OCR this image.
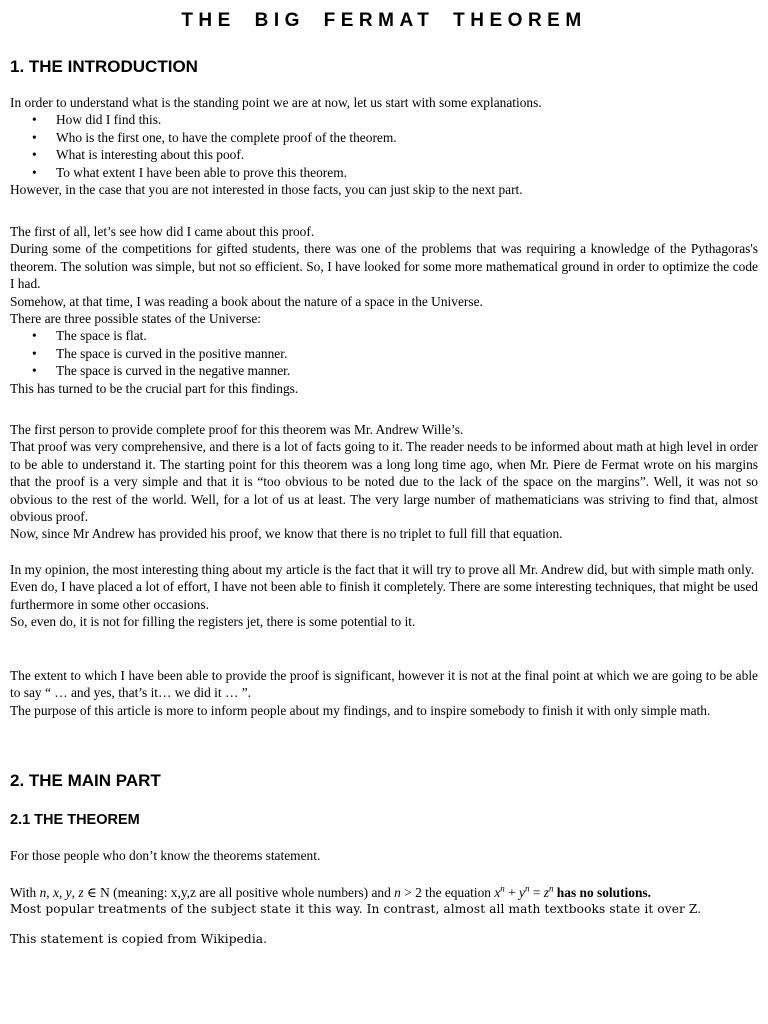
THE BIG FERMAT THEOREM
1. THE INTRODUCTION

In order to understand what is the standing point we are at now, let us start with some explanations.

• How did I find this.
• Who is the first one, to have the complete proof of the theorem.
• What is interesting about this poof.
• To what extent I have been able to prove this theorem.

However, in the case that you are not interested in those facts, you can just skip to the next part.

The first of all, let’s see how did I came about this proof.

During some of the competitions for gifted students, there was one of the problems that was requiring a knowledge of the Pythagoras's theorem. The solution was simple, but not so efficient. So, I have looked for some more mathematical ground in order to optimize the code I had.

Somehow, at that time, I was reading a book about the nature of a space in the Universe.

There are three possible states of the Universe:

• The space is flat.
• The space is curved in the positive manner.
• The space is curved in the negative manner.

This has turned to be the crucial part for this findings.

The first person to provide complete proof for this theorem was Mr. Andrew Wille’s.

That proof was very comprehensive, and there is a lot of facts going to it. The reader needs to be informed about math at high level in order to be able to understand it. The starting point for this theorem was a long long time ago, when Mr. Piere de Fermat wrote on his margins that the proof is a very simple and that it is “too obvious to be noted due to the lack of the space on the margins”. Well, it was not so obvious to the rest of the world. Well, for a lot of us at least. The very large number of mathematicians was striving to find that, almost obvious proof.

Now, since Mr Andrew has provided his proof, we know that there is no triplet to full fill that equation.

In my opinion, the most interesting thing about my article is the fact that it will try to prove all Mr. Andrew did, but with simple math only.

Even do, I have placed a lot of effort, I have not been able to finish it completely. There are some interesting techniques, that might be used furthermore in some other occasions.

So, even do, it is not for filling the registers jet, there is some potential to it.

The extent to which I have been able to provide the proof is significant, however it is not at the final point at which we are going to be able to say “ … and yes, that’s it… we did it … ”.

The purpose of this article is more to inform people about my findings, and to inspire somebody to finish it with only simple math.

2. THE MAIN PART
2.1 THE THEOREM

For those people who don’t know the theorems statement.

With n, x, y, z ∈ N (meaning: x,y,z are all positive whole numbers) and n > 2 the equation $x^n + y^n = z^n$ has no solutions.

Most popular treatments of the subject state it this way. In contrast, almost all math textbooks state it over Z.

This statement is copied from Wikipedia.
